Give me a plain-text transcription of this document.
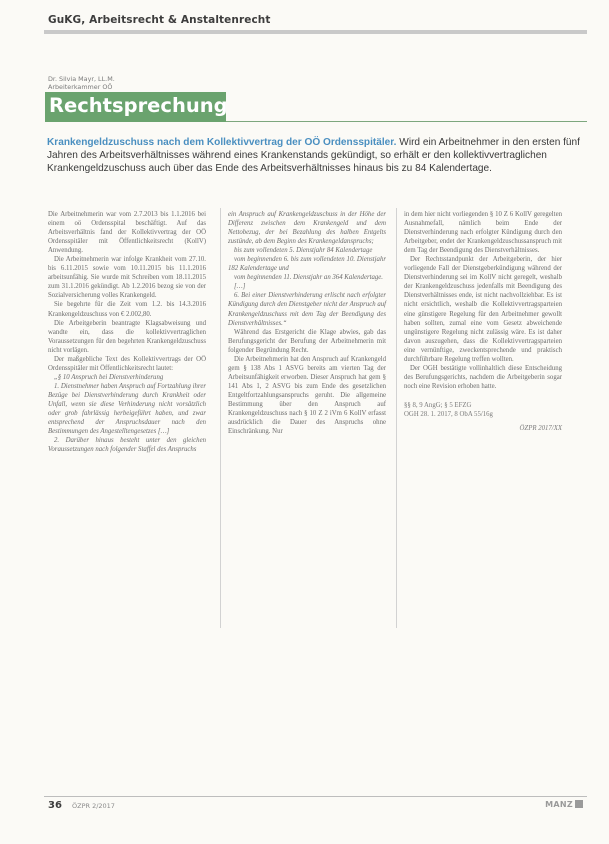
GuKG, Arbeitsrecht & Anstaltenrecht
Dr. Silvia Mayr, LL.M.
Arbeiterkammer OÖ
Rechtsprechung
Krankengeldzuschuss nach dem Kollektivvertrag der OÖ Ordensspitäler. Wird ein Arbeitnehmer in den ersten fünf Jahren des Arbeitsverhältnisses während eines Krankenstands gekündigt, so erhält er den kollektivvertraglichen Krankengeldzuschuss auch über das Ende des Arbeitsverhältnisses hinaus bis zu 84 Kalendertage.

Die Arbeitnehmerin war vom 2.7.2013 bis 1.1.2016 bei einem oö Ordensspital beschäftigt. Auf das Arbeitsverhältnis fand der Kollektivvertrag der OÖ Ordensspitäler mit Öffentlichkeitsrecht (KollV) Anwendung.

Die Arbeitnehmerin war infolge Krankheit vom 27.10. bis 6.11.2015 sowie vom 10.11.2015 bis 11.1.2016 arbeitsunfähig. Sie wurde mit Schreiben vom 18.11.2015 zum 31.1.2016 gekündigt. Ab 1.2.2016 bezog sie von der Sozialversicherung volles Krankengeld.

Sie begehrte für die Zeit vom 1.2. bis 14.3.2016 Krankengeldzuschuss von € 2.002,80.

Die Arbeitgeberin beantragte Klagsabweisung und wandte ein, dass die kollektivvertraglichen Voraussetzungen für den begehrten Krankengeldzuschuss nicht vorlägen.

Der maßgebliche Text des Kollektivvertrags der OÖ Ordensspitäler mit Öffentlichkeitsrecht lautet:

„§ 10 Anspruch bei Dienstverhinderung

1. Dienstnehmer haben Anspruch auf Fortzahlung ihrer Bezüge bei Dienstverhinderung durch Krankheit oder Unfall, wenn sie diese Verhinderung nicht vorsätzlich oder grob fahrlässig herbeigeführt haben, und zwar entsprechend der Anspruchsdauer nach den Bestimmungen des Angestelltengesetzes […]

2. Darüber hinaus besteht unter den gleichen Voraussetzungen nach folgender Staffel des Anspruchs

ein Anspruch auf Krankengeldzuschuss in der Höhe der Differenz zwischen dem Krankengeld und dem Nettobezug, der bei Bezahlung des halben Entgelts zustünde, ab dem Beginn des Krankengeldanspruchs;

bis zum vollendeten 5. Dienstjahr 84 Kalendertage

vom beginnenden 6. bis zum vollendeten 10. Dienstjahr 182 Kalendertage und

vom beginnenden 11. Dienstjahr an 364 Kalendertage.

[…]

6. Bei einer Dienstverhinderung erlischt nach erfolgter Kündigung durch den Dienstgeber nicht der Anspruch auf Krankengeldzuschuss mit dem Tag der Beendigung des Dienstverhältnisses.“

Während das Erstgericht die Klage abwies, gab das Berufungsgericht der Berufung der Arbeitnehmerin mit folgender Begründung Recht.

Die Arbeitnehmerin hat den Anspruch auf Krankengeld gem § 138 Abs 1 ASVG bereits am vierten Tag der Arbeitsunfähigkeit erworben. Dieser Anspruch hat gem § 141 Abs 1, 2 ASVG bis zum Ende des gesetzlichen Entgeltfortzahlungsanspruchs geruht. Die allgemeine Bestimmung über den Anspruch auf Krankengeldzuschuss nach § 10 Z 2 iVm 6 KollV erfasst ausdrücklich die Dauer des Anspruchs ohne Einschränkung. Nur

in dem hier nicht vorliegenden § 10 Z 6 KollV geregelten Ausnahmefall, nämlich beim Ende der Dienstverhinderung nach erfolgter Kündigung durch den Arbeitgeber, endet der Krankengeldzuschussanspruch mit dem Tag der Beendigung des Dienstverhältnisses.

Der Rechtsstandpunkt der Arbeitgeberin, der hier vorliegende Fall der Dienstgeberkündigung während der Dienstverhinderung sei im KollV nicht geregelt, weshalb der Krankengeldzuschuss jedenfalls mit Beendigung des Dienstverhältnisses ende, ist nicht nachvollziehbar. Es ist nicht ersichtlich, weshalb die Kollektivvertragsparteien eine günstigere Regelung für den Arbeitnehmer gewollt haben sollten, zumal eine vom Gesetz abweichende ungünstigere Regelung nicht zulässig wäre. Es ist daher davon auszugehen, dass die Kollektivvertragsparteien eine vernünftige, zweckentsprechende und praktisch durchführbare Regelung treffen wollten.

Der OGH bestätigte vollinhaltlich diese Entscheidung des Berufungsgerichts, nachdem die Arbeitgeberin sogar noch eine Revision erhoben hatte.

§§ 8, 9 AngG; § 5 EFZG
OGH 28. 1. 2017, 8 ObA 55/16g
ÖZPR 2017/XX
36 ÖZPR 2/2017	MANZ
